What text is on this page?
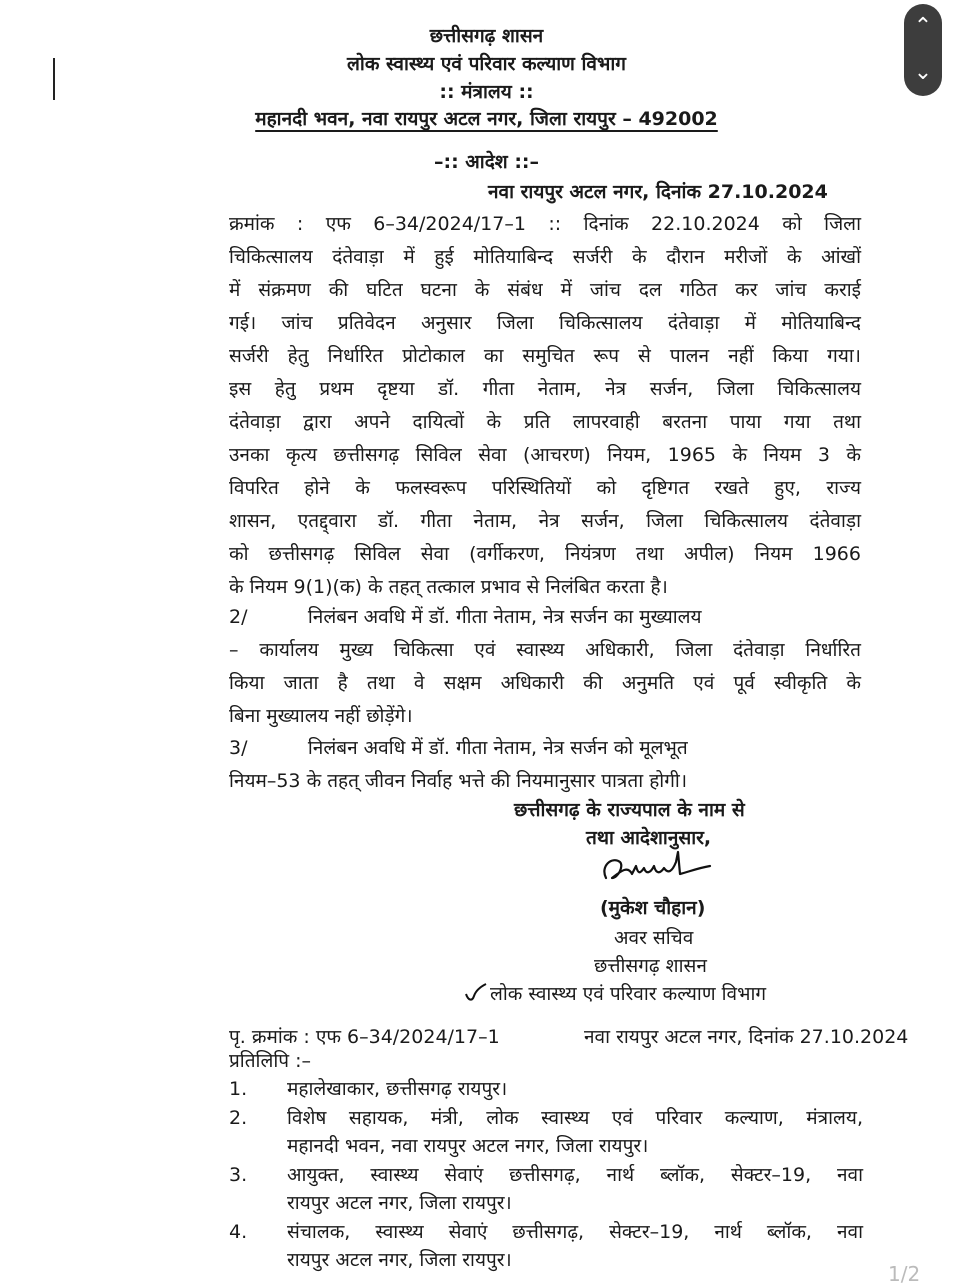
छत्तीसगढ़ शासन
लोक स्वास्थ्य एवं परिवार कल्याण विभाग
:: मंत्रालय ::
महानदी भवन, नवा रायपुर अटल नगर, जिला रायपुर – 492002
–:: आदेश ::–
नवा रायपुर अटल नगर, दिनांक 27.10.2024
क्रमांक : एफ 6–34/2024/17–1 :: दिनांक 22.10.2024 को जिला
चिकित्सालय दंतेवाड़ा में हुई मोतियाबिन्द सर्जरी के दौरान मरीजों के आंखों
में संक्रमण की घटित घटना के संबंध में जांच दल गठित कर जांच कराई
गई। जांच प्रतिवेदन अनुसार जिला चिकित्सालय दंतेवाड़ा में मोतियाबिन्द
सर्जरी हेतु निर्धारित प्रोटोकाल का समुचित रूप से पालन नहीं किया गया।
इस हेतु प्रथम दृष्टया डॉ. गीता नेताम, नेत्र सर्जन, जिला चिकित्सालय
दंतेवाड़ा द्वारा अपने दायित्वों के प्रति लापरवाही बरतना पाया गया तथा
उनका कृत्य छत्तीसगढ़ सिविल सेवा (आचरण) नियम, 1965 के नियम 3 के
विपरित होने के फलस्वरूप परिस्थितियों को दृष्टिगत रखते हुए, राज्य
शासन, एतद्द्वारा डॉ. गीता नेताम, नेत्र सर्जन, जिला चिकित्सालय दंतेवाड़ा
को छत्तीसगढ़ सिविल सेवा (वर्गीकरण, नियंत्रण तथा अपील) नियम 1966
के नियम 9(1)(क) के तहत् तत्काल प्रभाव से निलंबित करता है।
2/          निलंबन अवधि में डॉ. गीता नेताम, नेत्र सर्जन का मुख्यालय
– कार्यालय मुख्य चिकित्सा एवं स्वास्थ्य अधिकारी, जिला दंतेवाड़ा निर्धारित
किया जाता है तथा वे सक्षम अधिकारी की अनुमति एवं पूर्व स्वीकृति के
बिना मुख्यालय नहीं छोड़ेंगे।
3/          निलंबन अवधि में डॉ. गीता नेताम, नेत्र सर्जन को मूलभूत
नियम–53 के तहत् जीवन निर्वाह भत्ते की नियमानुसार पात्रता होगी।
छत्तीसगढ़ के राज्यपाल के नाम से
तथा आदेशानुसार,
(मुकेश चौहान)
अवर सचिव
छत्तीसगढ़ शासन
लोक स्वास्थ्य एवं परिवार कल्याण विभाग
पृ. क्रमांक : एफ 6–34/2024/17–1	नवा रायपुर अटल नगर, दिनांक 27.10.2024
प्रतिलिपि :–
1. महालेखाकार, छत्तीसगढ़ रायपुर।
2. विशेष सहायक, मंत्री, लोक स्वास्थ्य एवं परिवार कल्याण, मंत्रालय,
महानदी भवन, नवा रायपुर अटल नगर, जिला रायपुर।
3. आयुक्त, स्वास्थ्य सेवाएं छत्तीसगढ़, नार्थ ब्लॉक, सेक्टर–19, नवा
रायपुर अटल नगर, जिला रायपुर।
4. संचालक, स्वास्थ्य सेवाएं छत्तीसगढ़, सेक्टर–19, नार्थ ब्लॉक, नवा
रायपुर अटल नगर, जिला रायपुर।
⌃
⌄
1/2
